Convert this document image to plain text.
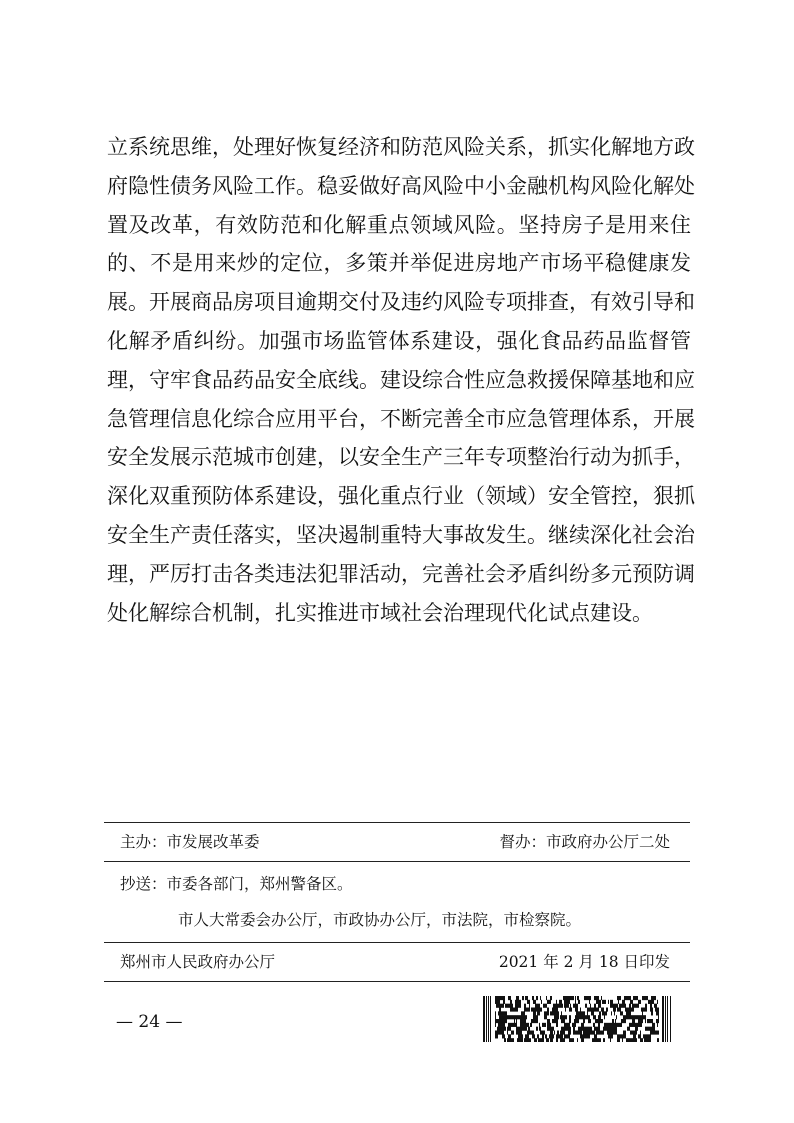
立系统思维，处理好恢复经济和防范风险关系，抓实化解地方政
府隐性债务风险工作。稳妥做好高风险中小金融机构风险化解处
置及改革，有效防范和化解重点领域风险。坚持房子是用来住
的、不是用来炒的定位，多策并举促进房地产市场平稳健康发
展。开展商品房项目逾期交付及违约风险专项排查，有效引导和
化解矛盾纠纷。加强市场监管体系建设，强化食品药品监督管
理，守牢食品药品安全底线。建设综合性应急救援保障基地和应
急管理信息化综合应用平台，不断完善全市应急管理体系，开展
安全发展示范城市创建，以安全生产三年专项整治行动为抓手，
深化双重预防体系建设，强化重点行业（领域）安全管控，狠抓
安全生产责任落实，坚决遏制重特大事故发生。继续深化社会治
理，严厉打击各类违法犯罪活动，完善社会矛盾纠纷多元预防调
处化解综合机制，扎实推进市域社会治理现代化试点建设。
主办：市发展改革委	督办：市政府办公厅二处
抄送：市委各部门，郑州警备区。
市人大常委会办公厅，市政协办公厅，市法院，市检察院。
郑州市人民政府办公厅	2021 年 2 月 18 日印发
— 24 —
